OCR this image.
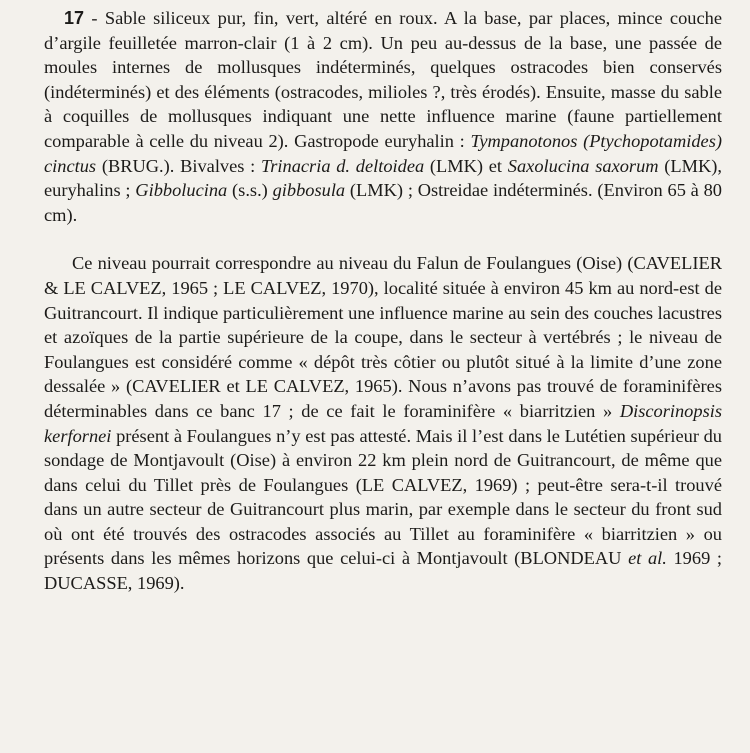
17 - Sable siliceux pur, fin, vert, altéré en roux. A la base, par places, mince couche d’argile feuilletée marron-clair (1 à 2 cm). Un peu au-dessus de la base, une passée de moules internes de mollusques indéterminés, quelques ostracodes bien conservés (indéterminés) et des éléments (ostracodes, milioles ?, très érodés). Ensuite, masse du sable à coquilles de mollusques indiquant une nette influence marine (faune partiellement comparable à celle du niveau 2). Gastropode euryhalin : Tympanotonos (Ptychopotamides) cinctus (BRUG.). Bivalves : Trinacria d. deltoidea (LMK) et Saxolucina saxorum (LMK), euryhalins ; Gibbolucina (s.s.) gibbosula (LMK) ; Ostreidae indéterminés. (Environ 65 à 80 cm).

Ce niveau pourrait correspondre au niveau du Falun de Foulangues (Oise) (CAVELIER & LE CALVEZ, 1965 ; LE CALVEZ, 1970), localité située à environ 45 km au nord-est de Guitrancourt. Il indique particulièrement une influence marine au sein des couches lacustres et azoïques de la partie supérieure de la coupe, dans le secteur à vertébrés ; le niveau de Foulangues est considéré comme « dépôt très côtier ou plutôt situé à la limite d’une zone dessalée » (CAVELIER et LE CALVEZ, 1965). Nous n’avons pas trouvé de foraminifères déterminables dans ce banc 17 ; de ce fait le foraminifère « biarritzien » Discorinopsis kerfornei présent à Foulangues n’y est pas attesté. Mais il l’est dans le Lutétien supérieur du sondage de Montjavoult (Oise) à environ 22 km plein nord de Guitrancourt, de même que dans celui du Tillet près de Foulangues (LE CALVEZ, 1969) ; peut-être sera-t-il trouvé dans un autre secteur de Guitrancourt plus marin, par exemple dans le secteur du front sud où ont été trouvés des ostracodes associés au Tillet au foraminifère « biarritzien » ou présents dans les mêmes horizons que celui-ci à Montjavoult (BLONDEAU et al. 1969 ; DUCASSE, 1969).
